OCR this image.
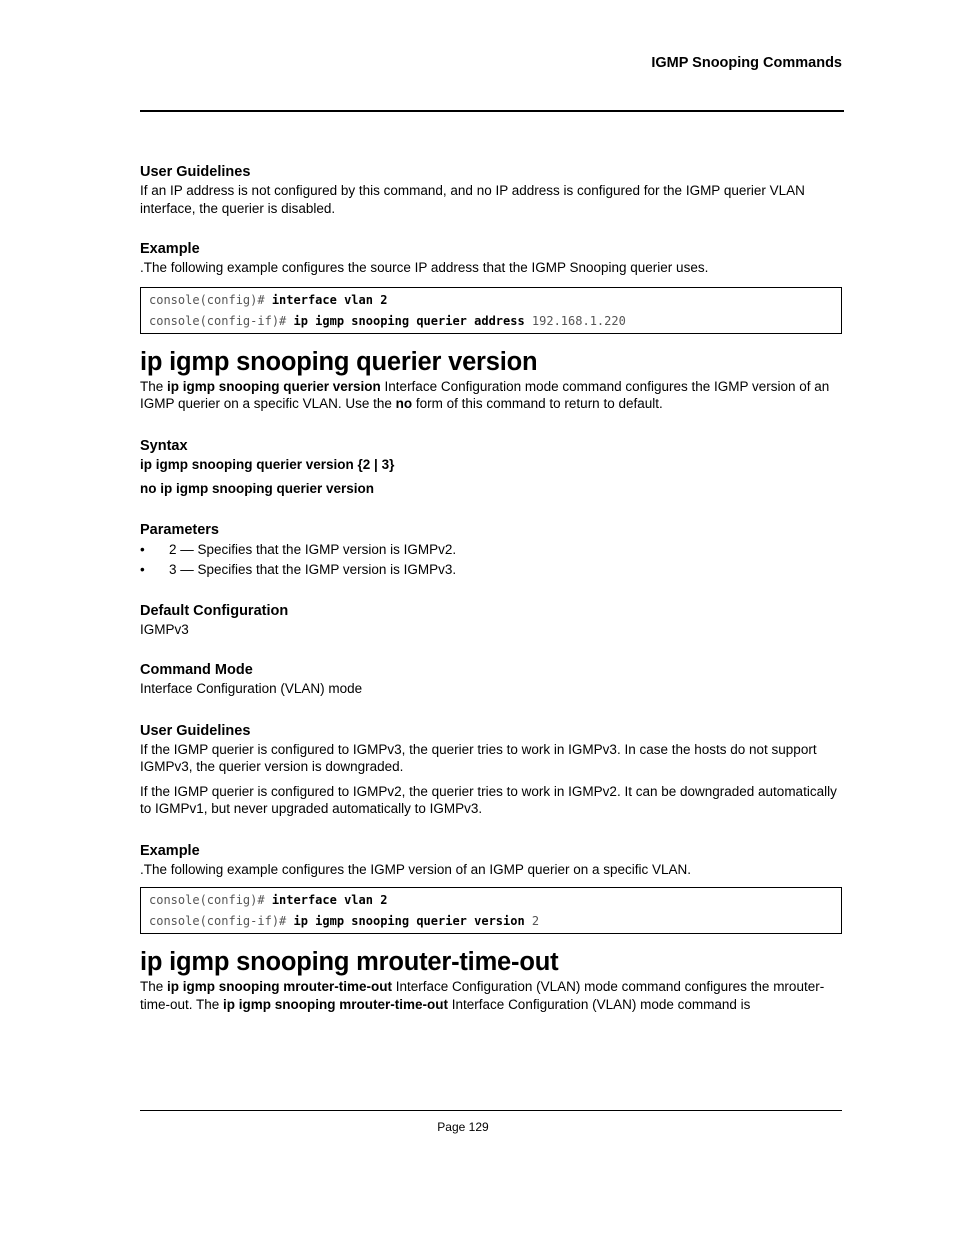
IGMP Snooping Commands

User Guidelines

If an IP address is not configured by this command, and no IP address is configured for the IGMP querier VLAN interface, the querier is disabled.

Example

.The following example configures the source IP address that the IGMP Snooping querier uses.

console(config)# interface vlan 2
console(config-if)# ip igmp snooping querier address 192.168.1.220
ip igmp snooping querier version

The ip igmp snooping querier version Interface Configuration mode command configures the IGMP version of an IGMP querier on a specific VLAN. Use the no form of this command to return to default.

Syntax

ip igmp snooping querier version {2 | 3}

no ip igmp snooping querier version

Parameters

• 2 — Specifies that the IGMP version is IGMPv2.
• 3 — Specifies that the IGMP version is IGMPv3.

Default Configuration

IGMPv3

Command Mode

Interface Configuration (VLAN) mode

User Guidelines

If the IGMP querier is configured to IGMPv3, the querier tries to work in IGMPv3. In case the hosts do not support IGMPv3, the querier version is downgraded.

If the IGMP querier is configured to IGMPv2, the querier tries to work in IGMPv2. It can be downgraded automatically to IGMPv1, but never upgraded automatically to IGMPv3.

Example

.The following example configures the IGMP version of an IGMP querier on a specific VLAN.

console(config)# interface vlan 2
console(config-if)# ip igmp snooping querier version 2
ip igmp snooping mrouter-time-out

The ip igmp snooping mrouter-time-out Interface Configuration (VLAN) mode command configures the mrouter-time-out. The ip igmp snooping mrouter-time-out Interface Configuration (VLAN) mode command is

Page 129
